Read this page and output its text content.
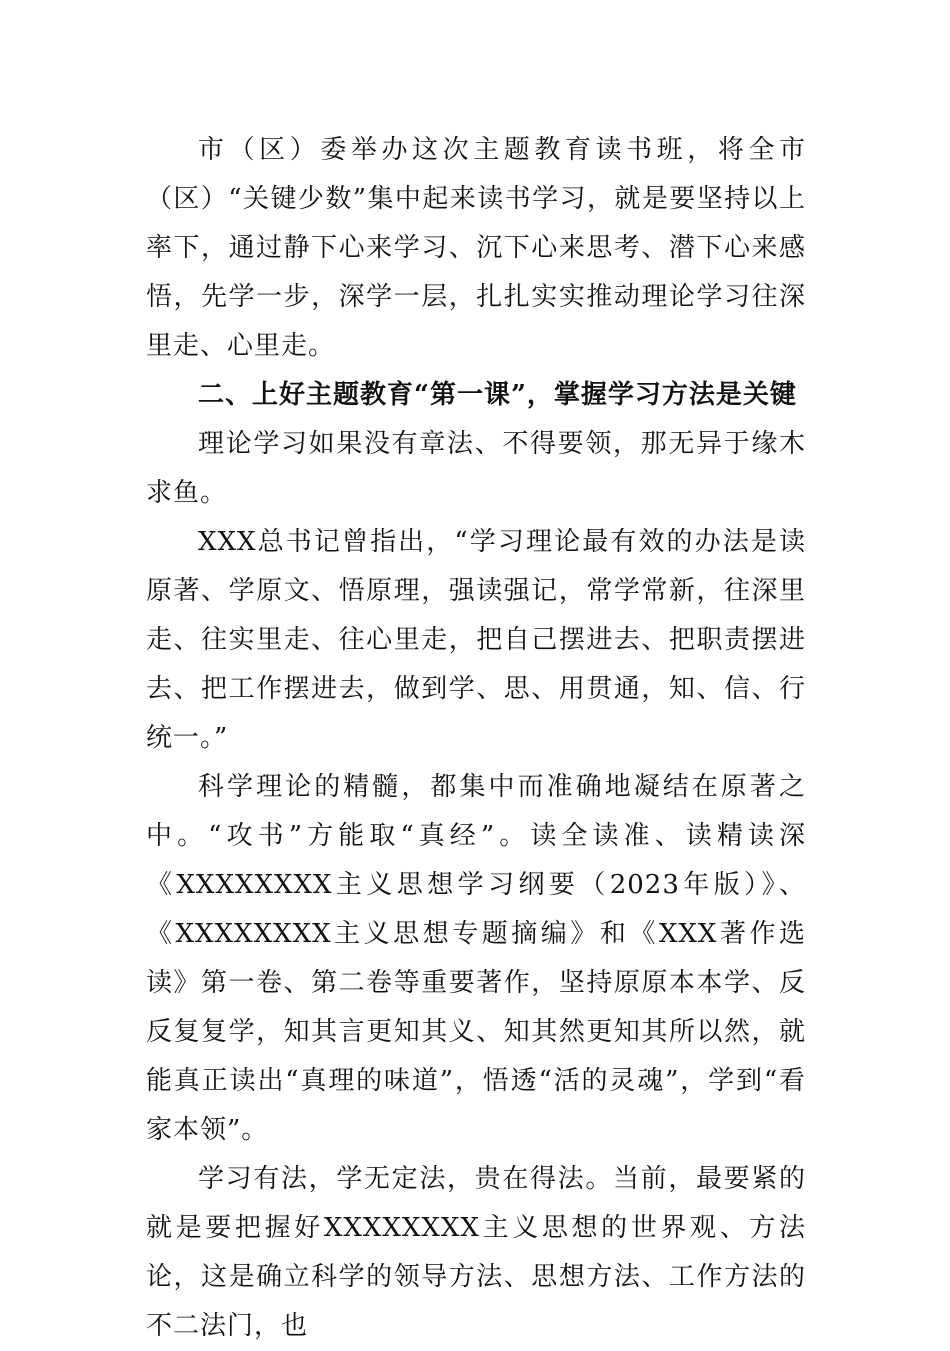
市（区）委举办这次主题教育读书班，将全市（区）“关键少数”集中起来读书学习，就是要坚持以上率下，通过静下心来学习、沉下心来思考、潜下心来感悟，先学一步，深学一层，扎扎实实推动理论学习往深里走、心里走。

二、上好主题教育“第一课”，掌握学习方法是关键

理论学习如果没有章法、不得要领，那无异于缘木求鱼。

XXX总书记曾指出，“学习理论最有效的办法是读原著、学原文、悟原理，强读强记，常学常新，往深里走、往实里走、往心里走，把自己摆进去、把职责摆进去、把工作摆进去，做到学、思、用贯通，知、信、行统一。”

科学理论的精髓，都集中而准确地凝结在原著之中。“攻书”方能取“真经”。读全读准、读精读深《XXXXXXXX主义思想学习纲要（2023年版）》、《XXXXXXXX主义思想专题摘编》和《XXX著作选读》第一卷、第二卷等重要著作，坚持原原本本学、反反复复学，知其言更知其义、知其然更知其所以然，就能真正读出“真理的味道”，悟透“活的灵魂”，学到“看家本领”。

学习有法，学无定法，贵在得法。当前，最要紧的就是要把握好XXXXXXXX主义思想的世界观、方法论，这是确立科学的领导方法、思想方法、工作方法的不二法门，也
